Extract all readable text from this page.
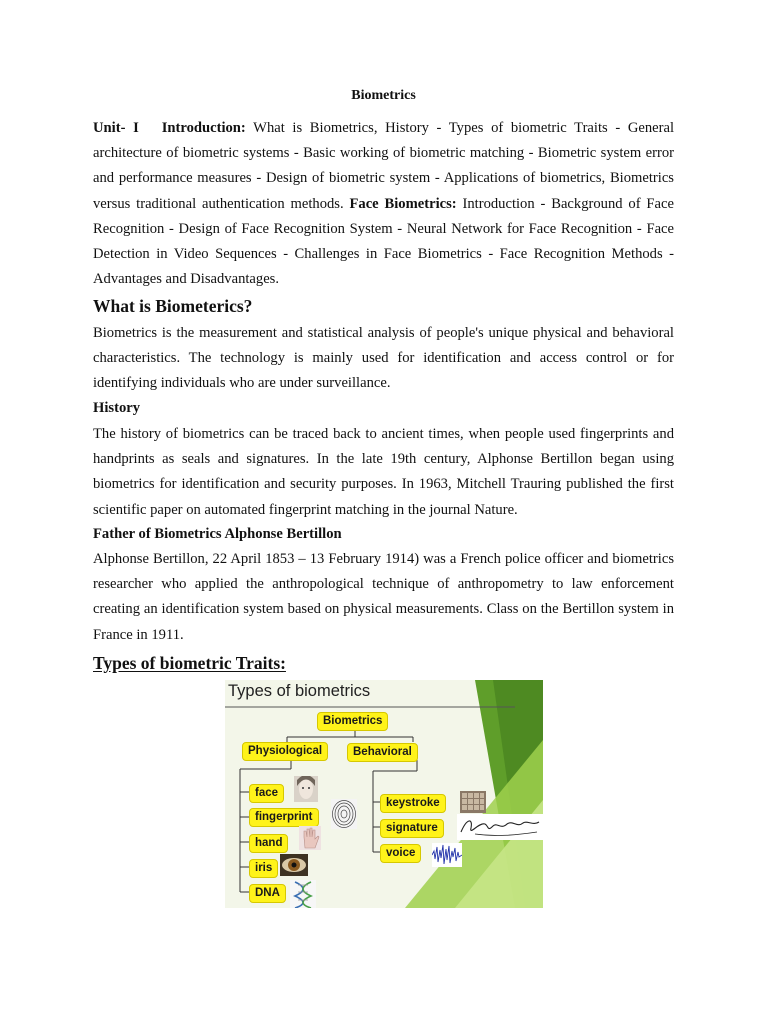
Biometrics

Unit- I Introduction: What is Biometrics, History - Types of biometric Traits - General architecture of biometric systems - Basic working of biometric matching - Biometric system error and performance measures - Design of biometric system - Applications of biometrics, Biometrics versus traditional authentication methods. Face Biometrics: Introduction - Background of Face Recognition - Design of Face Recognition System - Neural Network for Face Recognition - Face Detection in Video Sequences - Challenges in Face Biometrics - Face Recognition Methods - Advantages and Disadvantages.

What is Biometerics?

Biometrics is the measurement and statistical analysis of people's unique physical and behavioral characteristics. The technology is mainly used for identification and access control or for identifying individuals who are under surveillance.

History

The history of biometrics can be traced back to ancient times, when people used fingerprints and handprints as seals and signatures. In the late 19th century, Alphonse Bertillon began using biometrics for identification and security purposes. In 1963, Mitchell Trauring published the first scientific paper on automated fingerprint matching in the journal Nature.

Father of Biometrics Alphonse Bertillon

Alphonse Bertillon, 22 April 1853 – 13 February 1914) was a French police officer and biometrics researcher who applied the anthropological technique of anthropometry to law enforcement creating an identification system based on physical measurements. Class on the Bertillon system in France in 1911.

Types of biometric Traits:
Types of biometrics
Biometrics
Physiological	Behavioral
face
fingerprint
hand
iris
DNA
keystroke
signature
voice
